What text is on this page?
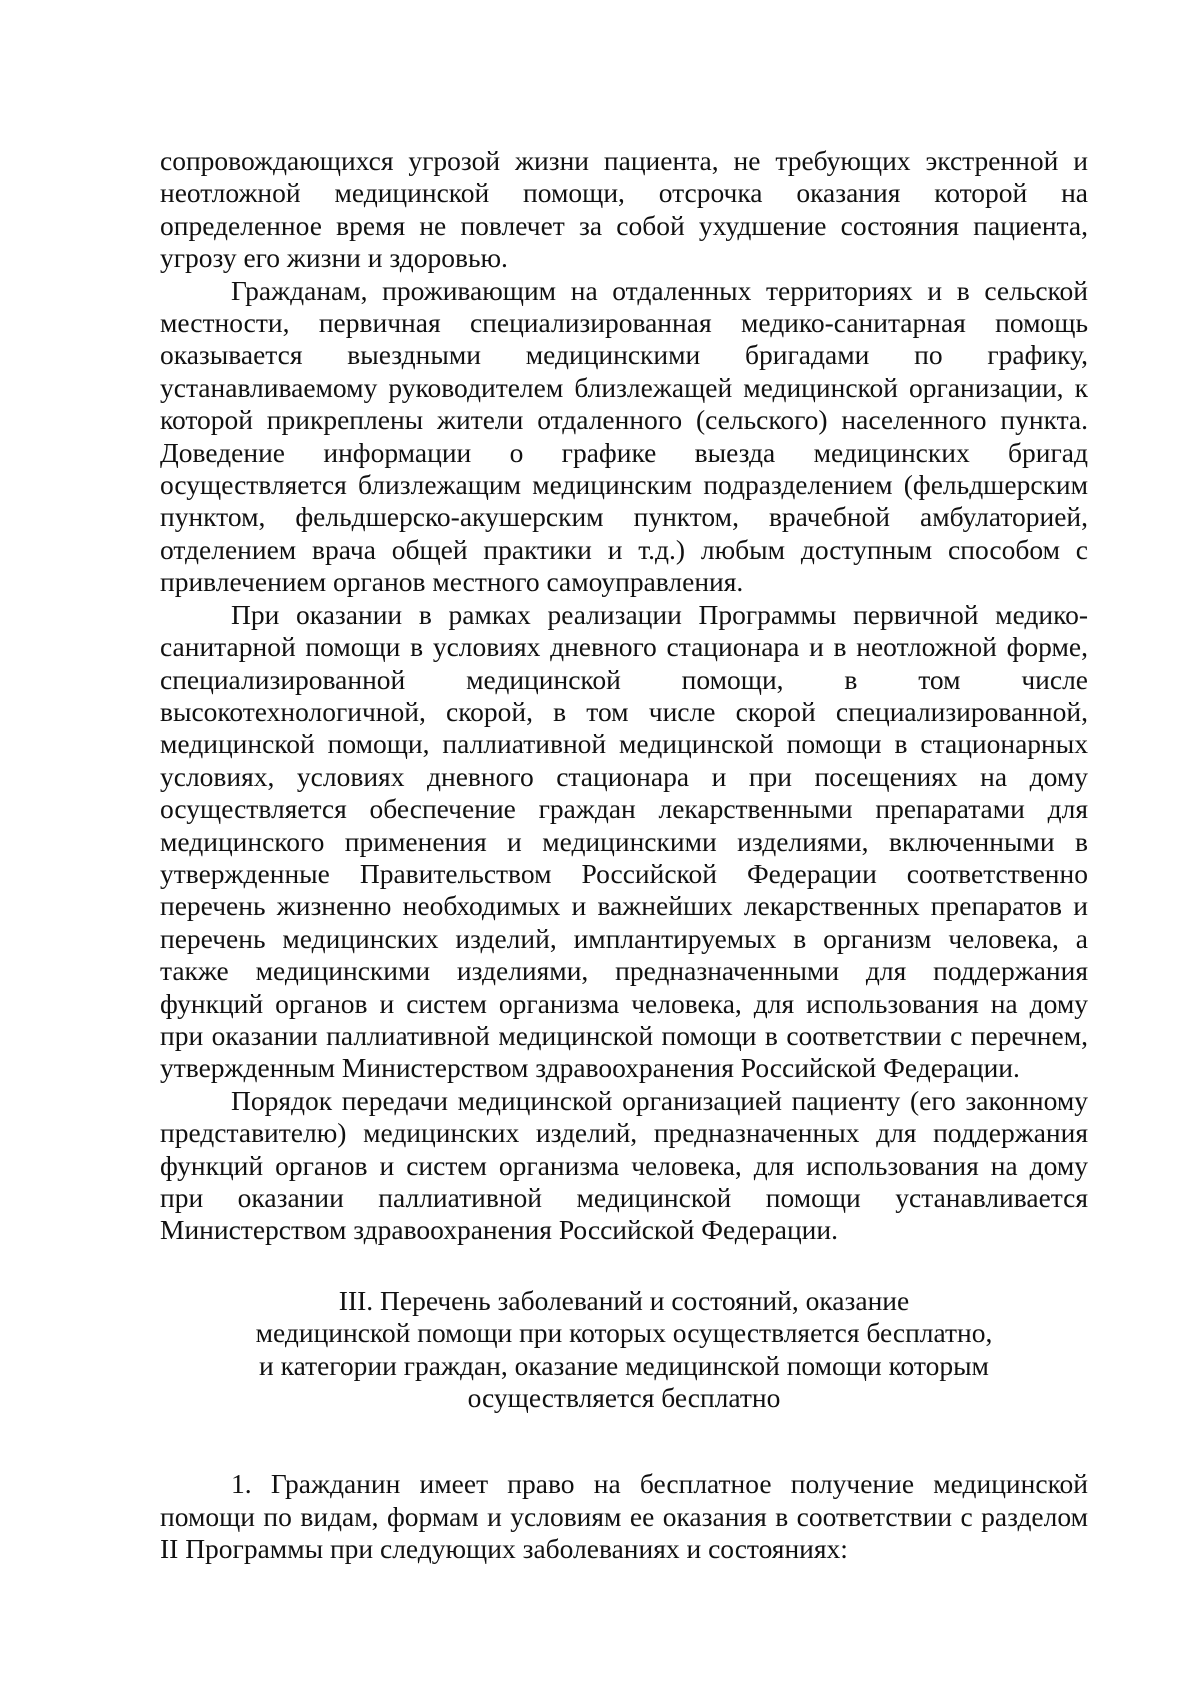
сопровождающихся угрозой жизни пациента, не требующих экстренной и неотложной медицинской помощи, отсрочка оказания которой на определенное время не повлечет за собой ухудшение состояния пациента, угрозу его жизни и здоровью.

Гражданам, проживающим на отдаленных территориях и в сельской местности, первичная специализированная медико-санитарная помощь оказывается выездными медицинскими бригадами по графику, устанавливаемому руководителем близлежащей медицинской организации, к которой прикреплены жители отдаленного (сельского) населенного пункта. Доведение информации о графике выезда медицинских бригад осуществляется близлежащим медицинским подразделением (фельдшерским пунктом, фельдшерско-акушерским пунктом, врачебной амбулаторией, отделением врача общей практики и т.д.) любым доступным способом с привлечением органов местного самоуправления.

При оказании в рамках реализации Программы первичной медико-санитарной помощи в условиях дневного стационара и в неотложной форме, специализированной медицинской помощи, в том числе высокотехнологичной, скорой, в том числе скорой специализированной, медицинской помощи, паллиативной медицинской помощи в стационарных условиях, условиях дневного стационара и при посещениях на дому осуществляется обеспечение граждан лекарственными препаратами для медицинского применения и медицинскими изделиями, включенными в утвержденные Правительством Российской Федерации соответственно перечень жизненно необходимых и важнейших лекарственных препаратов и перечень медицинских изделий, имплантируемых в организм человека, а также медицинскими изделиями, предназначенными для поддержания функций органов и систем организма человека, для использования на дому при оказании паллиативной медицинской помощи в соответствии с перечнем, утвержденным Министерством здравоохранения Российской Федерации.

Порядок передачи медицинской организацией пациенту (его законному представителю) медицинских изделий, предназначенных для поддержания функций органов и систем организма человека, для использования на дому при оказании паллиативной медицинской помощи устанавливается Министерством здравоохранения Российской Федерации.

III. Перечень заболеваний и состояний, оказание
медицинской помощи при которых осуществляется бесплатно,
и категории граждан, оказание медицинской помощи которым
осуществляется бесплатно

1. Гражданин имеет право на бесплатное получение медицинской помощи по видам, формам и условиям ее оказания в соответствии с разделом II Программы при следующих заболеваниях и состояниях:
